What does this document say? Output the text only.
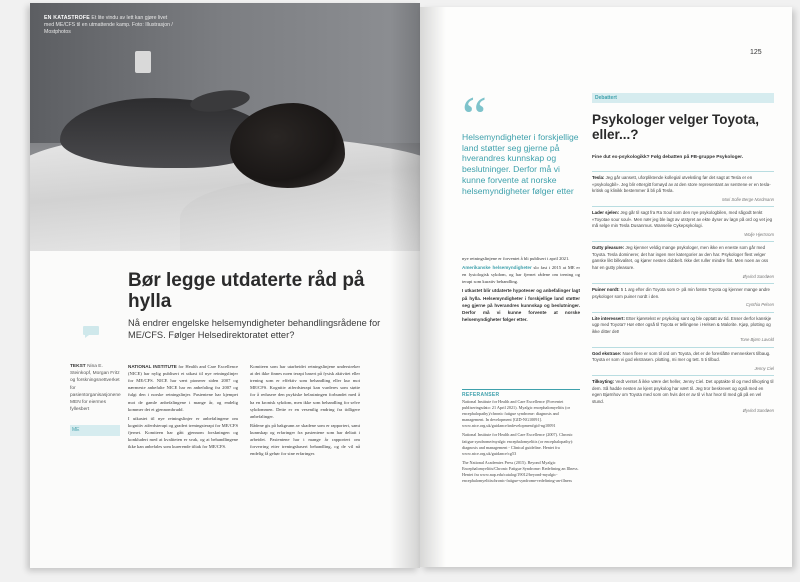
EN KATASTROFE Et lite vindu av lett kan gjøre livet med ME/CFS til en utmattende kamp. Foto: Illustrasjon / Mostphotos
Bør legge utdaterte råd på hylla
Nå endrer engelske helsemyndigheter behandlingsrådene for ME/CFS. Følger Helsedirektoratet etter?
TEKST Nina E. Steinkopf, Morgan Fritz og forskningsnettverket for pasientorganisasjonene MEN for eiermes fyllesbert
ME

NATIONAL INSTITUTE for Health and Care Excellence (NICE) har nylig publisert et utkast til nye retningslinjer for ME/CFS. NICE har vært pionerer siden 2007 og nærmeste anbefalte NICE har en anbefaling fra 2007 og fulgt den i norske retningslinjer. Pasientene har kjempet mot de gamle anbefalingene i mange år, og endelig kommer det et gjennombrudd.

I utkastet til nye retningslinjer er anbefalingene om kognitiv atferdsterapi og gradert treningsterapi for ME/CFS fjernet. Komiteen har gått gjennom forskningen og konkludert med at kvaliteten er svak, og at behandlingene ikke kan anbefales som kurerende tiltak for ME/CFS.

Komiteen som har utarbeidet retningslinjene understreker at det ikke finnes noen terapi basert på fysisk aktivitet eller trening som er effektiv som behandling eller kur mot ME/CFS. Kognitiv atferdsterapi kan vurderes som støtte for å redusere den psykiske belastningen forbundet med å ha en kronisk sykdom, men ikke som behandling for selve sykdommen. Dette er en vesentlig endring fra tidligere anbefalinger.

Rådene gis på bakgrunn av skadene som er rapportert, samt kunnskap og erfaringer fra pasientene som har deltatt i arbeidet. Pasientene har i mange år rapportert om forverring etter treningsbasert behandling, og de vil nå endelig få gehør for sine erfaringer.

125
“
Helsemyndigheter i forskjellige land støtter seg gjerne på hverandres kunnskap og beslutninger. Derfor må vi kunne forvente at norske helsemyndigheter følger etter

nye retningslinjene er forventet å bli publisert i april 2021.

Amerikanske helsemyndigheter slo fast i 2015 at ME er en fysiologisk sykdom, og har fjernet rådene om trening og terapi som kurativ behandling.

I utkastet blir utdaterte hypoteser og anbefalinger lagt på hylla. Helsemyndigheter i forskjellige land støtter seg gjerne på hverandres kunnskap og beslutninger. Derfor må vi kunne forvente at norske helsemyndigheter følger etter.

REFERANSER

National Institute for Health and Care Excellence (Forventet publiseringsdato: 21 April 2021). Myalgic encephalomyelitis (or encephalopathy)/chronic fatigue syndrome: diagnosis and management. In development [GID-NG10091]. www.nice.org.uk/guidance/indevelopment/gid-ng10091

National Institute for Health and Care Excellence (2007). Chronic fatigue syndrome/myalgic encephalomyelitis (or encephalopathy): diagnosis and management - Clinical guideline. Hentet fra www.nice.org.uk/guidance/cg53

The National Academies Press (2015). Beyond Myalgic Encephalomyelitis/Chronic Fatigue Syndrome: Redefining an Illness. Hentet fra www.nap.edu/catalog/19012/beyond-myalgic-encephalomyelitischronic-fatigue-syndrome-redefining-an-illness

Debattert
Psykologer velger Toyota, eller...?
Fine dut ex-psykologikk? Følg debatten på FB-gruppe Psykologer.
Tesla: Jeg går uansett, uforpliktende kollegial utveksling før det sagt at Tesla er en «psykologbil». Jeg blir ettergitt fornøyd av at den store representant av sentrene er en tesla-kritisk og klinikk bestemmer å bli på Tesla.
Mari Sofie Berge Nordmann
Lader sjelen: Jeg går til sagt fra Ra Soul som den nye psykologbilen, med sågodt tenkt «Toyotae sour soul». Men nær jeg ble lagt av utstyret av ekte dyser av løgn på ord og vet jeg må selge min Tesla Dusanmus. Wanselie Cykepsykologi.
Wolje Hjertsrom
Gutty pleasure: Jeg kjenner veldig mange psykologer, men ikke en eneste som går med Toyota. Tesla dominerer, det har ingen mer katergorier av den har. Psykologer flest velger ganske likt bilkvalitet, og kjører nesten dobbelt. Ikke det ruller mindre fint. Men noen av oss har en gutty pleasure.
Øyvind Sandøen
Puiner nordt: 5 1 arg efter din Toyota som 0- på min første Toyota og kjenner mange andre psykologer som puiner nordt i den.
Cynthia Pelsen
Lite interessert: Etter kjøretekst er psykolog sant og ble opptatt av tid. Enser derfor kanskje ugp med Toyota? Hør etter også til Toyota er tellingene i Helsen & Malorite. Kjøp, plotting og ikke ditter det!
Tone Bjørn Lavold
God ekstrase: Noen flere er som til ord om Toyota, det er de foreslåtte menneskers tilbaug. Toyota er som vi god ekstrasen. plotting, mi mer og tett. 5 ti tilbud.
Jenny Ciel
Tilkoyting: Vedt ventet å ikke være det heller, Jenny Ciel. Det opptakte til og med tilkoyting til dem. Så hadde nesten av kjent psykolog har vært til. Jeg tror beskrevet og også med en egen Bjørnhov om Toyota med som om hvis det er av til vi har hvor til med gå på en vel stund.
Øyvind Sandøen
